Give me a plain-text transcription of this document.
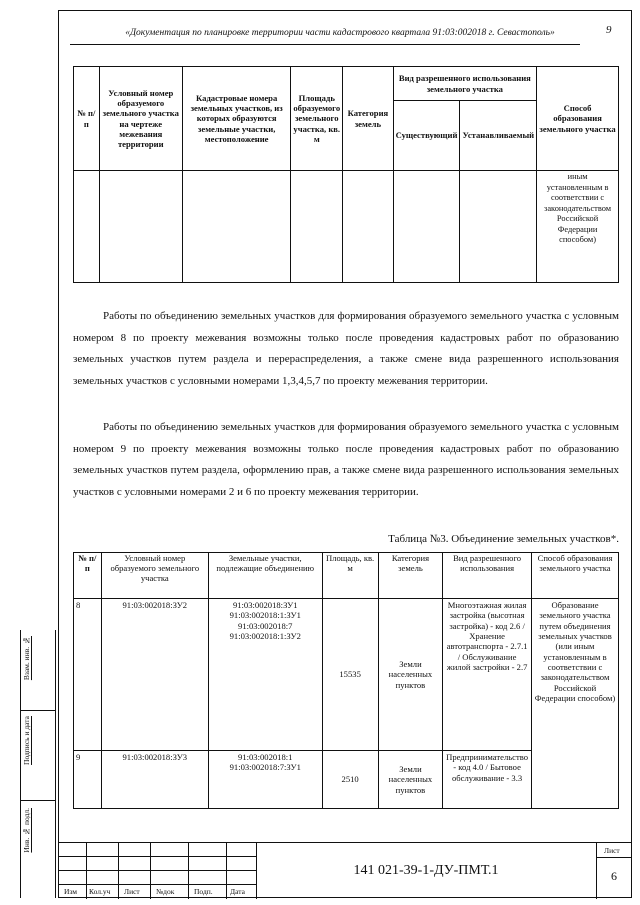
«Документация по планировке территории части кадастрового квартала 91:03:002018 г. Севастополь»	9
№ п/п	Условный номер образуемого земельного участка на чертеже межевания территории	Кадастровые номера земельных участков, из которых образуются земельные участки, местоположение	Площадь образуемого земельного участка, кв. м	Категория земель	Вид разрешенного использования земельного участка		Способ образования земельного участка
					Существующий	Устанавливаемый	
							иным установленным в соответствии с законодательством Российской Федерации способом)

Работы по объединению земельных участков для формирования образуемого земельного участка с условным номером 8 по проекту межевания возможны только после проведения кадастровых работ по образованию земельных участков путем раздела и перераспределения, а также смене вида разрешенного использования земельных участков с условными номерами 1,3,4,5,7 по проекту межевания территории.

Работы по объединению земельных участков для формирования образуемого земельного участка с условным номером 9 по проекту межевания возможны только после проведения кадастровых работ по образованию земельных участков путем раздела, оформлению прав, а также смене вида разрешенного использования земельных участков с условными номерами 2 и 6 по проекту межевания территории.

Таблица №3. Объединение земельных участков*.
№ п/п	Условный номер образуемого земельного участка	Земельные участки, подлежащие объединению	Площадь, кв. м	Категория земель	Вид разрешенного использования	Способ образования земельного участка
8	91:03:002018:ЗУ2	91:03:002018:ЗУ1
91:03:002018:1:ЗУ1
91:03:002018:7
91:03:002018:1:ЗУ2	15535	Земли населенных пунктов	Многоэтажная жилая застройка (высотная застройка) - код 2.6 / Хранение автотранспорта - 2.7.1 / Обслуживание жилой застройки - 2.7	Образование земельного участка путем объединения земельных участков (или иным установленным в соответствии с законодательством Российской Федерации способом)
9	91:03:002018:ЗУ3	91:03:002018:1
91:03:002018:7:ЗУ1	2510	Земли населенных пунктов	Предпринимательство - код 4.0 / Бытовое обслуживание - 3.3	
Взам. инв. №
Подпись и дата
Инв. № подл.
Изм Кол.уч Лист №док	Подп. Дата
141 021-39-1-ДУ-ПМТ.1
Лист
6
